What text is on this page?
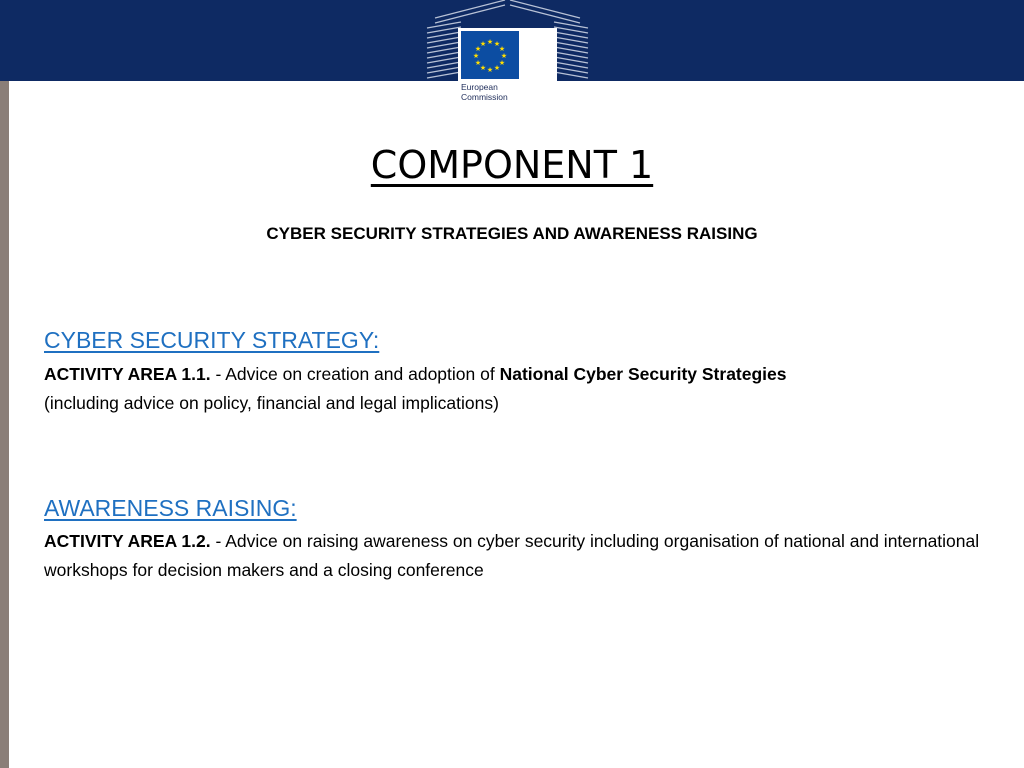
★ ★
★
★
★
★
★
★
★
★
★
★
European Commission
COMPONENT 1
CYBER SECURITY STRATEGIES AND AWARENESS RAISING
CYBER SECURITY STRATEGY:
ACTIVITY AREA 1.1. - Advice on creation and adoption of National Cyber Security Strategies
(including advice on policy, financial and legal implications)
AWARENESS RAISING:
ACTIVITY AREA 1.2. - Advice on raising awareness on cyber security including organisation of national and international workshops for decision makers and a closing conference
